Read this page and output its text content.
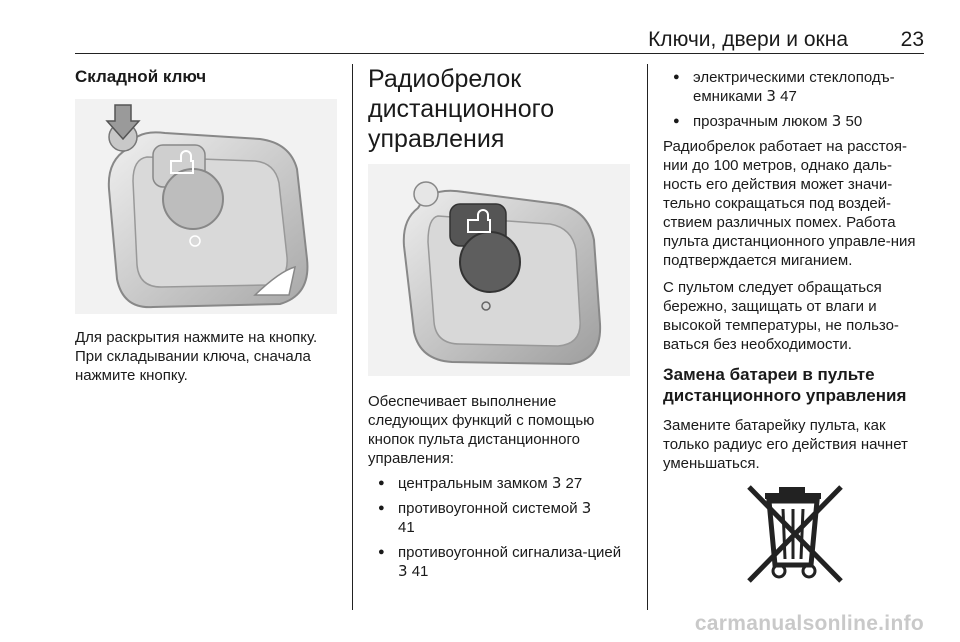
Ключи, двери и окна	23

Складной ключ

Для раскрытия нажмите на кнопку. При складывании ключа, сначала нажмите кнопку.

Радиобрелок дистанционного управления

Обеспечивает выполнение следующих функций с помощью кнопок пульта дистанционного управления:

● центральным замком 3 27

● противоугонной системой 3 41

● противоугонной сигнализа-цией 3 41

● электрическими стеклоподъ-емниками 3 47

● прозрачным люком 3 50

Радиобрелок работает на расстоя-нии до 100 метров, однако даль-ность его действия может значи-тельно сокращаться под воздей-ствием различных помех. Работа пульта дистанционного управле-ния подтверждается миганием.

С пультом следует обращаться бережно, защищать от влаги и высокой температуры, не пользо-ваться без необходимости.

Замена батареи в пульте дистанционного управления

Замените батарейку пульта, как только радиус его действия начнет уменьшаться.

carmanualsonline.info
